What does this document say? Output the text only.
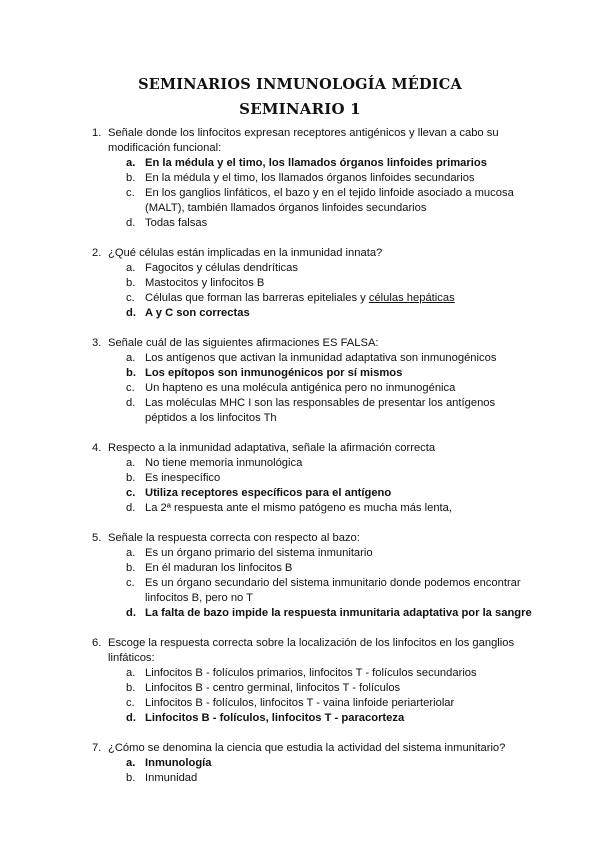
SEMINARIOS INMUNOLOGÍA MÉDICA
SEMINARIO 1
1. Señale donde los linfocitos expresan receptores antigénicos y llevan a cabo su modificación funcional:
a. En la médula y el timo, los llamados órganos linfoides primarios
b. En la médula y el timo, los llamados órganos linfoides secundarios
c. En los ganglios linfáticos, el bazo y en el tejido linfoide asociado a mucosa (MALT), también llamados órganos linfoides secundarios
d. Todas falsas
2. ¿Qué células están implicadas en la inmunidad innata?
a. Fagocitos y células dendríticas
b. Mastocitos y linfocitos B
c. Células que forman las barreras epiteliales y células hepáticas
d. A y C son correctas
3. Señale cuál de las siguientes afirmaciones ES FALSA:
a. Los antígenos que activan la inmunidad adaptativa son inmunogénicos
b. Los epítopos son inmunogénicos por sí mismos
c. Un hapteno es una molécula antigénica pero no inmunogénica
d. Las moléculas MHC I son las responsables de presentar los antígenos péptidos a los linfocitos Th
4. Respecto a la inmunidad adaptativa, señale la afirmación correcta
a. No tiene memoria inmunológica
b. Es inespecífico
c. Utiliza receptores específicos para el antígeno
d. La 2ª respuesta ante el mismo patógeno es mucha más lenta,
5. Señale la respuesta correcta con respecto al bazo:
a. Es un órgano primario del sistema inmunitario
b. En él maduran los linfocitos B
c. Es un órgano secundario del sistema inmunitario donde podemos encontrar linfocitos B, pero no T
d. La falta de bazo impide la respuesta inmunitaria adaptativa por la sangre
6. Escoge la respuesta correcta sobre la localización de los linfocitos en los ganglios linfáticos:
a. Linfocitos B - folículos primarios, linfocitos T - folículos secundarios
b. Linfocitos B - centro germinal, linfocitos T - folículos
c. Linfocitos B - folículos, linfocitos T - vaina linfoide periarteriolar
d. Linfocitos B - folículos, linfocitos T - paracorteza
7. ¿Cómo se denomina la ciencia que estudia la actividad del sistema inmunitario?
a. Inmunología
b. Inmunidad
